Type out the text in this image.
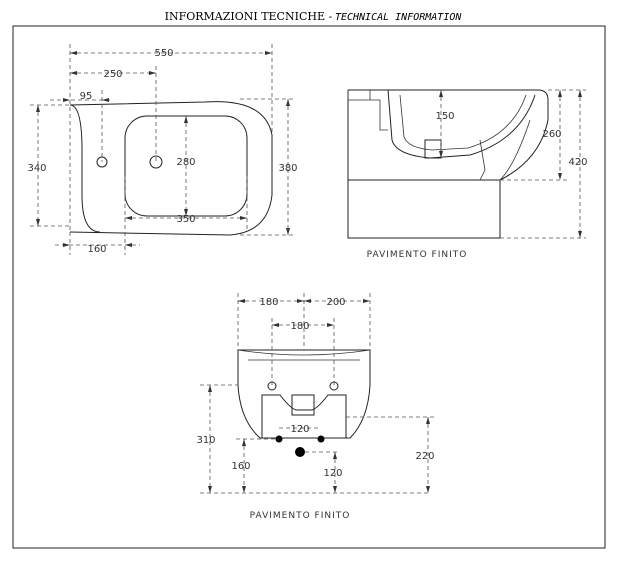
INFORMAZIONI TECNICHE - TECHNICAL INFORMATION
550
250
95
340
280
380
350
160
150
260
420
PAVIMENTO FINITO
180	200
180
120
310
160
120
220
PAVIMENTO FINITO
